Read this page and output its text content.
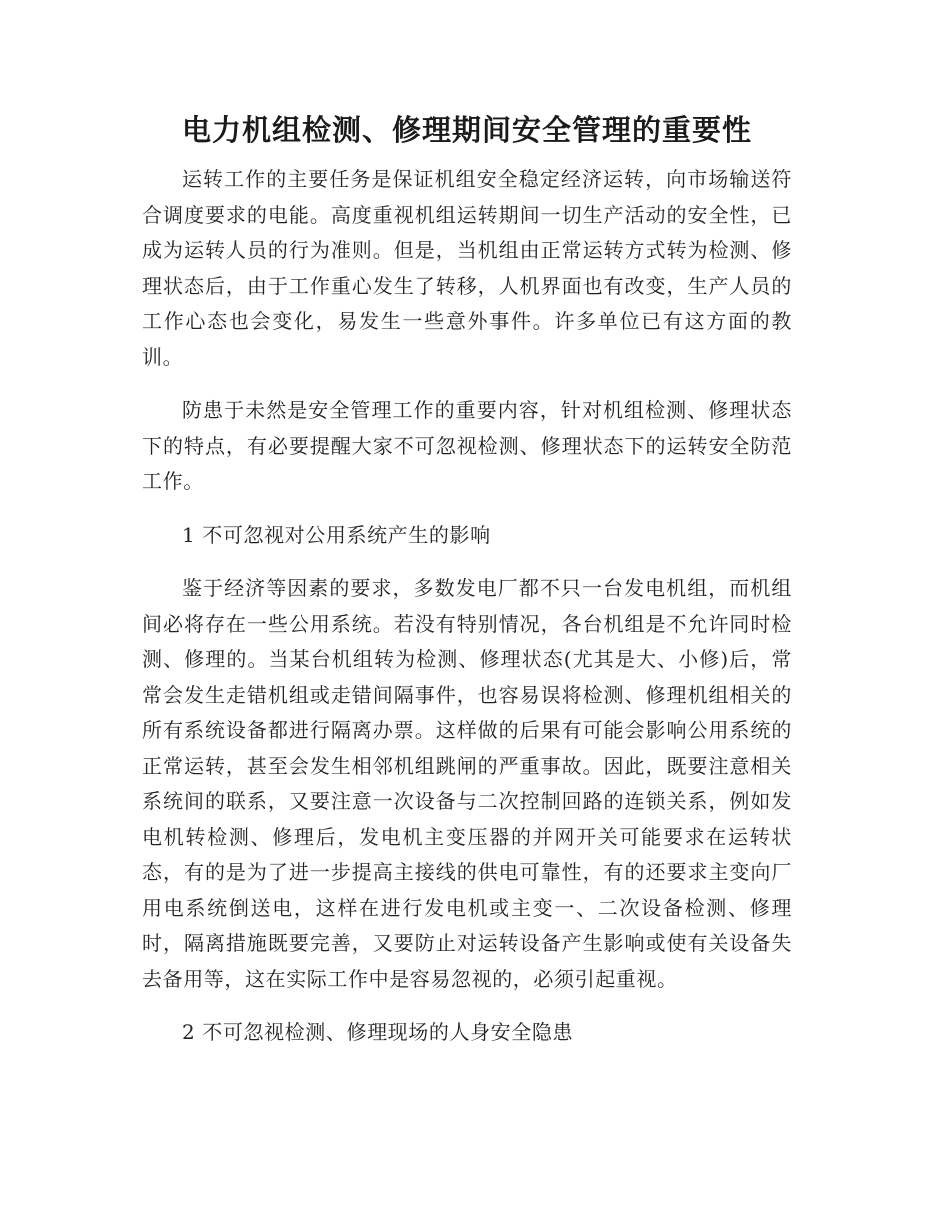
电力机组检测、修理期间安全管理的重要性

运转工作的主要任务是保证机组安全稳定经济运转，向市场输送符合调度要求的电能。高度重视机组运转期间一切生产活动的安全性，已成为运转人员的行为准则。但是，当机组由正常运转方式转为检测、修理状态后，由于工作重心发生了转移，人机界面也有改变，生产人员的工作心态也会变化，易发生一些意外事件。许多单位已有这方面的教训。

防患于未然是安全管理工作的重要内容，针对机组检测、修理状态下的特点，有必要提醒大家不可忽视检测、修理状态下的运转安全防范工作。

1 不可忽视对公用系统产生的影响

鉴于经济等因素的要求，多数发电厂都不只一台发电机组，而机组间必将存在一些公用系统。若没有特别情况，各台机组是不允许同时检测、修理的。当某台机组转为检测、修理状态(尤其是大、小修)后，常常会发生走错机组或走错间隔事件，也容易误将检测、修理机组相关的所有系统设备都进行隔离办票。这样做的后果有可能会影响公用系统的正常运转，甚至会发生相邻机组跳闸的严重事故。因此，既要注意相关系统间的联系，又要注意一次设备与二次控制回路的连锁关系，例如发电机转检测、修理后，发电机主变压器的并网开关可能要求在运转状态，有的是为了进一步提高主接线的供电可靠性，有的还要求主变向厂用电系统倒送电，这样在进行发电机或主变一、二次设备检测、修理时，隔离措施既要完善，又要防止对运转设备产生影响或使有关设备失去备用等，这在实际工作中是容易忽视的，必须引起重视。

2 不可忽视检测、修理现场的人身安全隐患
